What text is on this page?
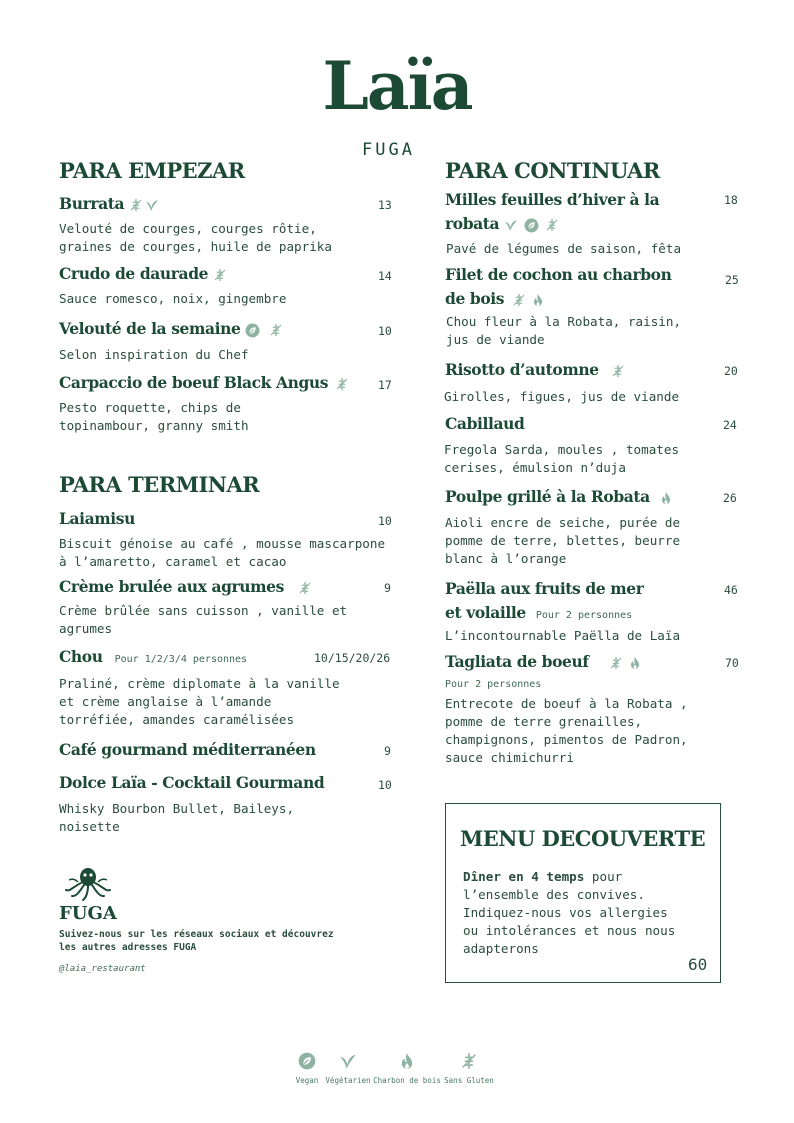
Laïa
FUGA
PARA EMPEZAR
Burrata	13
Velouté de courges, courges rôtie,
graines de courges, huile de paprika
Crudo de daurade	14
Sauce romesco, noix, gingembre
Velouté de la semaine	10
Selon inspiration du Chef
Carpaccio de boeuf Black Angus	17
Pesto roquette, chips de
topinambour, granny smith
PARA TERMINAR
Laiamisu	10
Biscuit génoise au café , mousse mascarpone
à l’amaretto, caramel et cacao
Crème brulée aux agrumes	9
Crème brûlée sans cuisson , vanille et
agrumes
Chou Pour 1/2/3/4 personnes	10/15/20/26
Praliné, crème diplomate à la vanille
et crème anglaise à l’amande
torréfiée, amandes caramélisées
Café gourmand méditerranéen	9
Dolce Laïa - Cocktail Gourmand	10
Whisky Bourbon Bullet, Baileys,
noisette
PARA CONTINUAR
Milles feuilles d’hiver à la
robata
18
Pavé de légumes de saison, fêta
Filet de cochon au charbon
de bois
25
Chou fleur à la Robata, raisin,
jus de viande
Risotto d’automne	20
Girolles, figues, jus de viande
Cabillaud	24
Fregola Sarda, moules , tomates
cerises, émulsion n’duja
Poulpe grillé à la Robata	26
Aioli encre de seiche, purée de
pomme de terre, blettes, beurre
blanc à l’orange
Paëlla aux fruits de mer
et volaille Pour 2 personnes
46
L’incontournable Paëlla de Laïa
Tagliata de boeuf	70
Pour 2 personnes
Entrecote de boeuf à la Robata ,
pomme de terre grenailles,
champignons, pimentos de Padron,
sauce chimichurri
MENU DECOUVERTE
Dîner en 4 temps pour
l’ensemble des convives.
Indiquez-nous vos allergies
ou intolérances et nous nous
adapterons
60
FUGA
Suivez-nous sur les réseaux sociaux et découvrez
les autres adresses FUGA
@laia_restaurant
Vegan Végétarien Charbon de bois Sans Gluten
